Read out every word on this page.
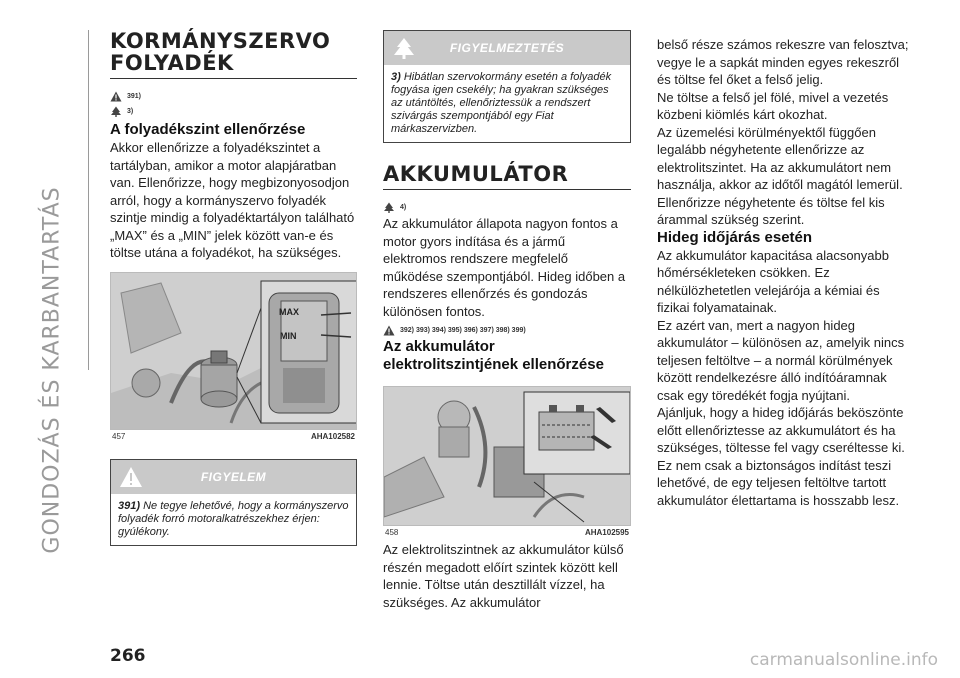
GONDOZÁS ÉS KARBANTARTÁS
KORMÁNYSZERVO
FOLYADÉK
391)
3)
A folyadékszint ellenőrzése
Akkor ellenőrizze a folyadékszintet a tartályban, amikor a motor alapjáratban van. Ellenőrizze, hogy megbizonyosodjon arról, hogy a kormányszervo folyadék szintje mindig a folyadéktartályon található „MAX” és a „MIN” jelek között van-e és töltse utána a folyadékot, ha szükséges.
MAX
MIN
457	AHA102582
FIGYELEM
391) Ne tegye lehetővé, hogy a kormányszervo folyadék forró motoralkatrészekhez érjen: gyúlékony.
FIGYELMEZTETÉS
3) Hibátlan szervokormány esetén a folyadék fogyása igen csekély; ha gyakran szükséges az utántöltés, ellenőriztessük a rendszert szivárgás szempontjából egy Fiat márkaszervizben.
AKKUMULÁTOR
4)
Az akkumulátor állapota nagyon fontos a motor gyors indítása és a jármű elektromos rendszere megfelelő működése szempontjából. Hideg időben a rendszeres ellenőrzés és gondozás különösen fontos.
392) 393) 394) 395) 396) 397) 398) 399)
Az akkumulátor elektrolitszintjének ellenőrzése
458	AHA102595
Az elektrolitszintnek az akkumulátor külső részén megadott előírt szintek között kell lennie. Töltse után desztillált vízzel, ha szükséges. Az akkumulátor
belső része számos rekeszre van felosztva; vegye le a sapkát minden egyes rekeszről és töltse fel őket a felső jelig.
Ne töltse a felső jel fölé, mivel a vezetés közbeni kiömlés kárt okozhat.
Az üzemelési körülményektől függően legalább négyhetente ellenőrizze az elektrolitszintet. Ha az akkumulátort nem használja, akkor az időtől magától lemerül.
Ellenőrizze négyhetente és töltse fel kis árammal szükség szerint.
Hideg időjárás esetén
Az akkumulátor kapacitása alacsonyabb hőmérsékleteken csökken. Ez nélkülözhetetlen velejárója a kémiai és fizikai folyamatainak.
Ez azért van, mert a nagyon hideg akkumulátor – különösen az, amelyik nincs teljesen feltöltve – a normál körülmények között rendelkezésre álló indítóáramnak csak egy töredékét fogja nyújtani.
Ajánljuk, hogy a hideg időjárás beköszönte előtt ellenőriztesse az akkumulátort és ha szükséges, töltesse fel vagy cseréltesse ki. Ez nem csak a biztonságos indítást teszi lehetővé, de egy teljesen feltöltve tartott akkumulátor élettartama is hosszabb lesz.
266	carmanualsonline.info
